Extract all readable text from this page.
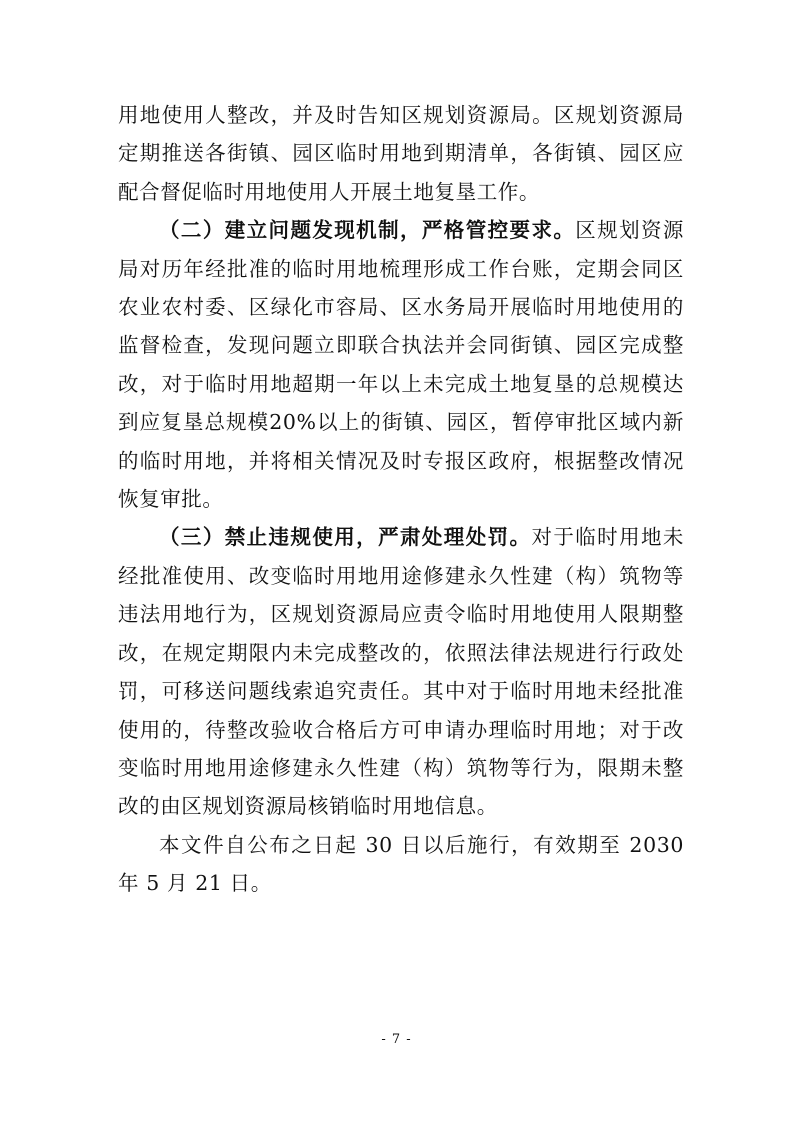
用地使用人整改，并及时告知区规划资源局。区规划资源局定期推送各街镇、园区临时用地到期清单，各街镇、园区应配合督促临时用地使用人开展土地复垦工作。

（二）建立问题发现机制，严格管控要求。区规划资源局对历年经批准的临时用地梳理形成工作台账，定期会同区农业农村委、区绿化市容局、区水务局开展临时用地使用的监督检查，发现问题立即联合执法并会同街镇、园区完成整改，对于临时用地超期一年以上未完成土地复垦的总规模达到应复垦总规模20%以上的街镇、园区，暂停审批区域内新的临时用地，并将相关情况及时专报区政府，根据整改情况恢复审批。

（三）禁止违规使用，严肃处理处罚。对于临时用地未经批准使用、改变临时用地用途修建永久性建（构）筑物等违法用地行为，区规划资源局应责令临时用地使用人限期整改，在规定期限内未完成整改的，依照法律法规进行行政处罚，可移送问题线索追究责任。其中对于临时用地未经批准使用的，待整改验收合格后方可申请办理临时用地；对于改变临时用地用途修建永久性建（构）筑物等行为，限期未整改的由区规划资源局核销临时用地信息。

本文件自公布之日起 30 日以后施行，有效期至 2030 年 5 月 21 日。

- 7 -
